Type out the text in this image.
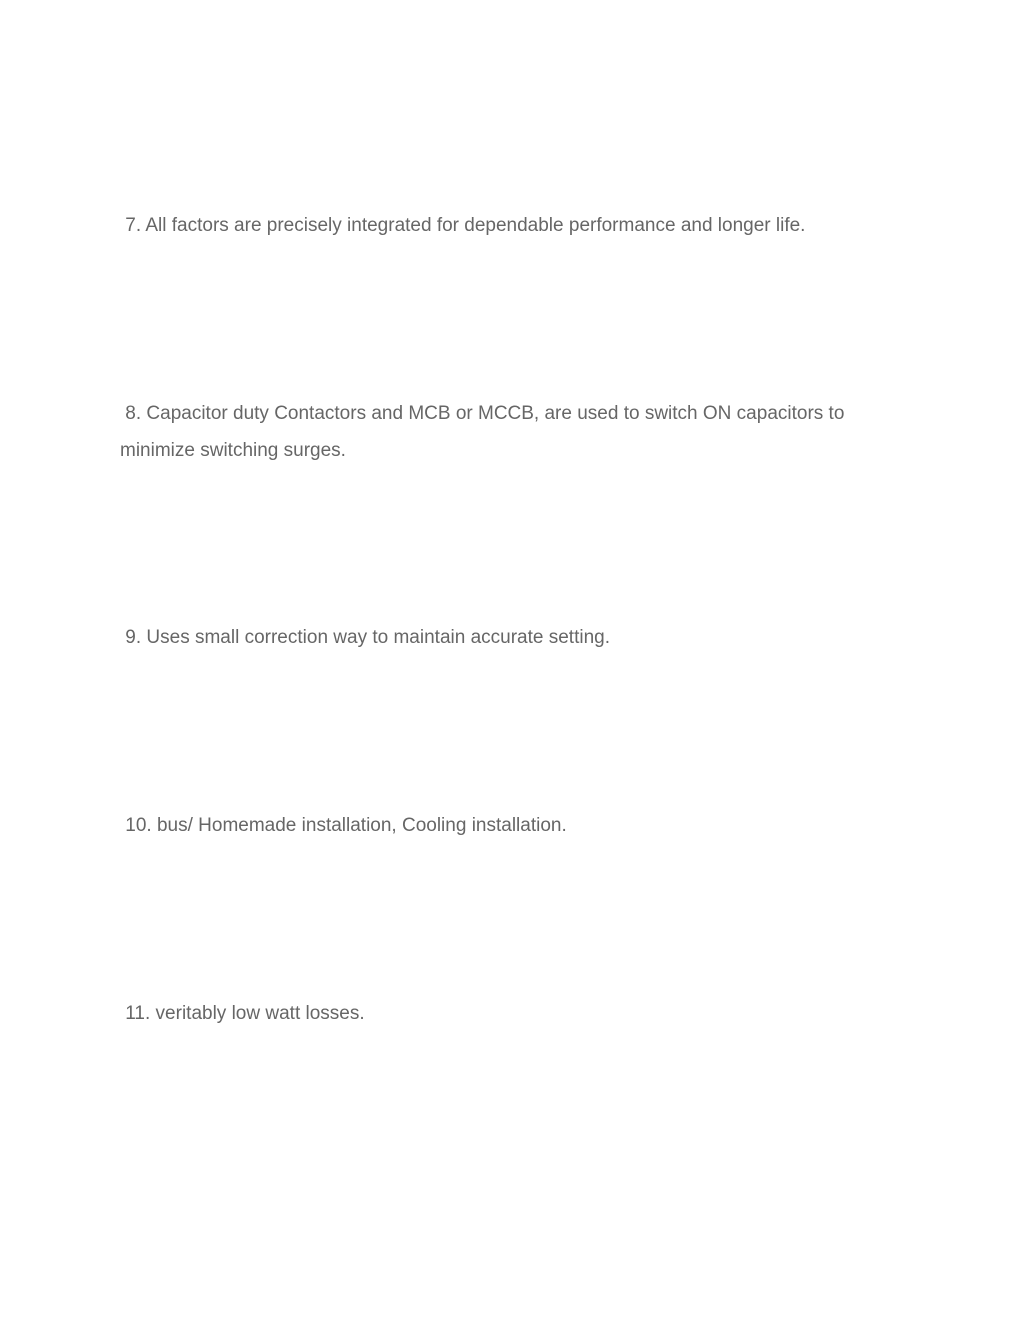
7. All factors are precisely integrated for dependable performance and longer life.

8. Capacitor duty Contactors and MCB or MCCB, are used to switch ON capacitors to minimize switching surges.

9. Uses small correction way to maintain accurate setting.

10. bus/ Homemade installation, Cooling installation.

11. veritably low watt losses.
